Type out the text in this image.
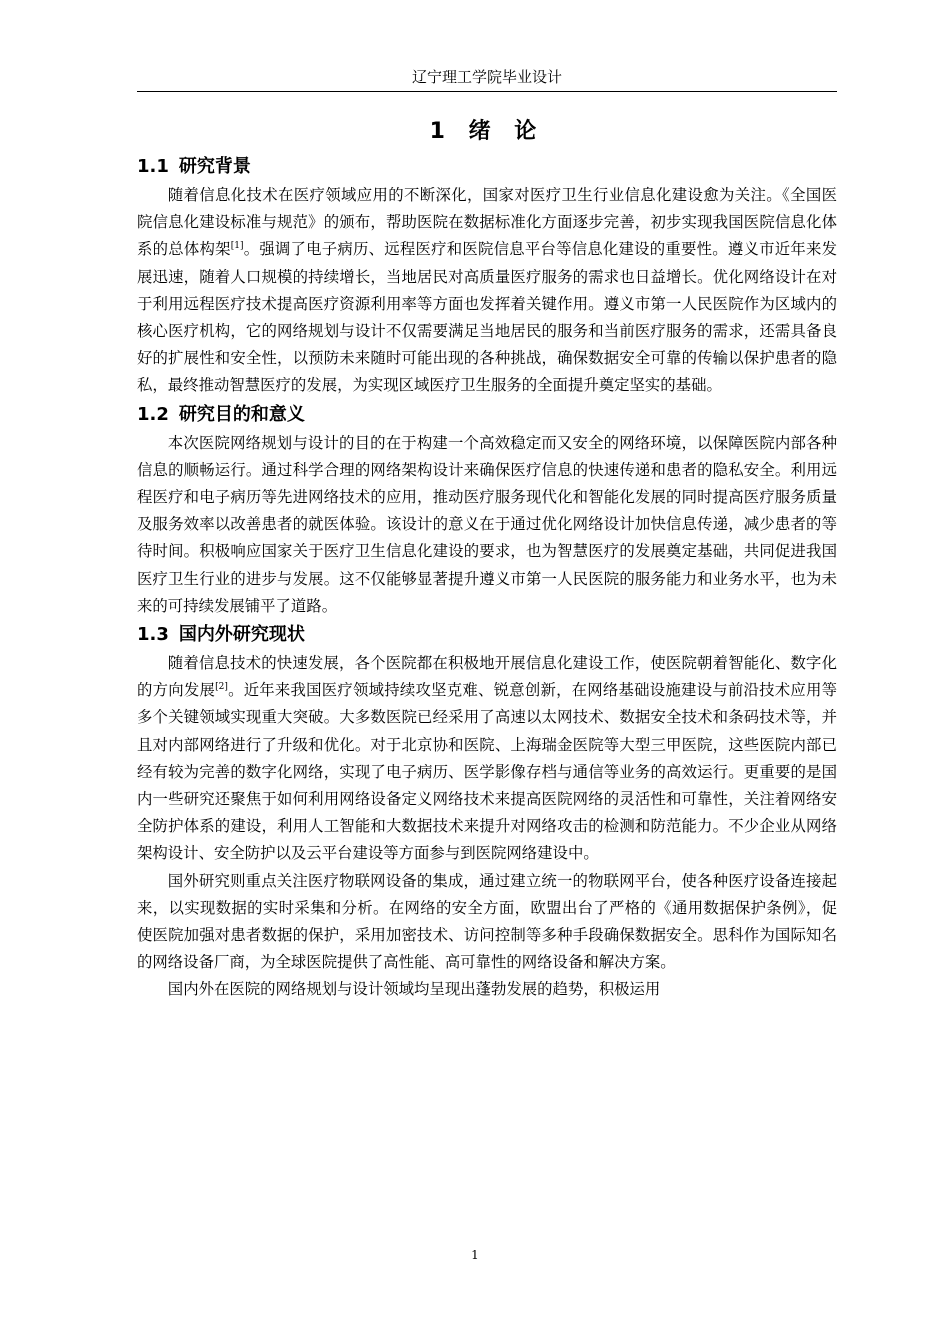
辽宁理工学院毕业设计
1 绪 论
1.1 研究背景

随着信息化技术在医疗领域应用的不断深化，国家对医疗卫生行业信息化建设愈为关注。《全国医院信息化建设标准与规范》的颁布，帮助医院在数据标准化方面逐步完善，初步实现我国医院信息化体系的总体构架[1]。强调了电子病历、远程医疗和医院信息平台等信息化建设的重要性。遵义市近年来发展迅速，随着人口规模的持续增长，当地居民对高质量医疗服务的需求也日益增长。优化网络设计在对于利用远程医疗技术提高医疗资源利用率等方面也发挥着关键作用。遵义市第一人民医院作为区域内的核心医疗机构，它的网络规划与设计不仅需要满足当地居民的服务和当前医疗服务的需求，还需具备良好的扩展性和安全性，以预防未来随时可能出现的各种挑战，确保数据安全可靠的传输以保护患者的隐私，最终推动智慧医疗的发展，为实现区域医疗卫生服务的全面提升奠定坚实的基础。

1.2 研究目的和意义

本次医院网络规划与设计的目的在于构建一个高效稳定而又安全的网络环境，以保障医院内部各种信息的顺畅运行。通过科学合理的网络架构设计来确保医疗信息的快速传递和患者的隐私安全。利用远程医疗和电子病历等先进网络技术的应用，推动医疗服务现代化和智能化发展的同时提高医疗服务质量及服务效率以改善患者的就医体验。该设计的意义在于通过优化网络设计加快信息传递，减少患者的等待时间。积极响应国家关于医疗卫生信息化建设的要求，也为智慧医疗的发展奠定基础，共同促进我国医疗卫生行业的进步与发展。这不仅能够显著提升遵义市第一人民医院的服务能力和业务水平，也为未来的可持续发展铺平了道路。

1.3 国内外研究现状

随着信息技术的快速发展，各个医院都在积极地开展信息化建设工作，使医院朝着智能化、数字化的方向发展[2]。近年来我国医疗领域持续攻坚克难、锐意创新，在网络基础设施建设与前沿技术应用等多个关键领域实现重大突破。大多数医院已经采用了高速以太网技术、数据安全技术和条码技术等，并且对内部网络进行了升级和优化。对于北京协和医院、上海瑞金医院等大型三甲医院，这些医院内部已经有较为完善的数字化网络，实现了电子病历、医学影像存档与通信等业务的高效运行。更重要的是国内一些研究还聚焦于如何利用网络设备定义网络技术来提高医院网络的灵活性和可靠性，关注着网络安全防护体系的建设，利用人工智能和大数据技术来提升对网络攻击的检测和防范能力。不少企业从网络架构设计、安全防护以及云平台建设等方面参与到医院网络建设中。

国外研究则重点关注医疗物联网设备的集成，通过建立统一的物联网平台，使各种医疗设备连接起来，以实现数据的实时采集和分析。在网络的安全方面，欧盟出台了严格的《通用数据保护条例》，促使医院加强对患者数据的保护，采用加密技术、访问控制等多种手段确保数据安全。思科作为国际知名的网络设备厂商，为全球医院提供了高性能、高可靠性的网络设备和解决方案。

国内外在医院的网络规划与设计领域均呈现出蓬勃发展的趋势，积极运用

1
